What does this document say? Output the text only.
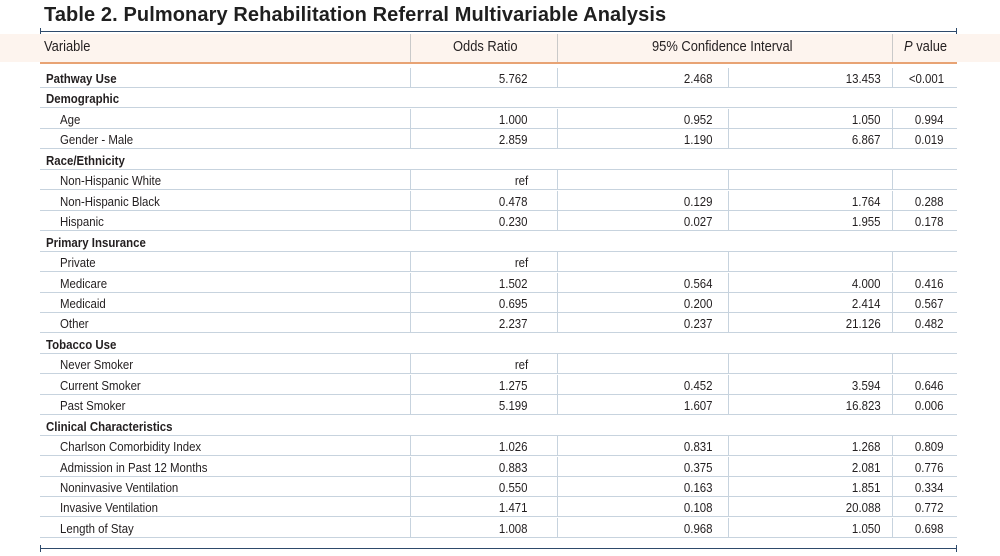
Table 2. Pulmonary Rehabilitation Referral Multivariable Analysis
Variable	Odds Ratio	95% Confidence Interval	P value
Pathway Use	5.762	2.468	13.453 <0.001
Demographic
Age	1.000	0.952	1.050	0.994
Gender - Male	2.859	1.190	6.867	0.019
Race/Ethnicity
Non-Hispanic White	ref
Non-Hispanic Black	0.478	0.129	1.764	0.288
Hispanic	0.230	0.027	1.955	0.178
Primary Insurance
Private	ref
Medicare	1.502	0.564	4.000	0.416
Medicaid	0.695	0.200	2.414	0.567
Other	2.237	0.237	21.126	0.482
Tobacco Use
Never Smoker	ref
Current Smoker	1.275	0.452	3.594	0.646
Past Smoker	5.199	1.607	16.823	0.006
Clinical Characteristics
Charlson Comorbidity Index	1.026	0.831	1.268	0.809
Admission in Past 12 Months	0.883	0.375	2.081	0.776
Noninvasive Ventilation	0.550	0.163	1.851	0.334
Invasive Ventilation	1.471	0.108	20.088	0.772
Length of Stay	1.008	0.968	1.050	0.698
